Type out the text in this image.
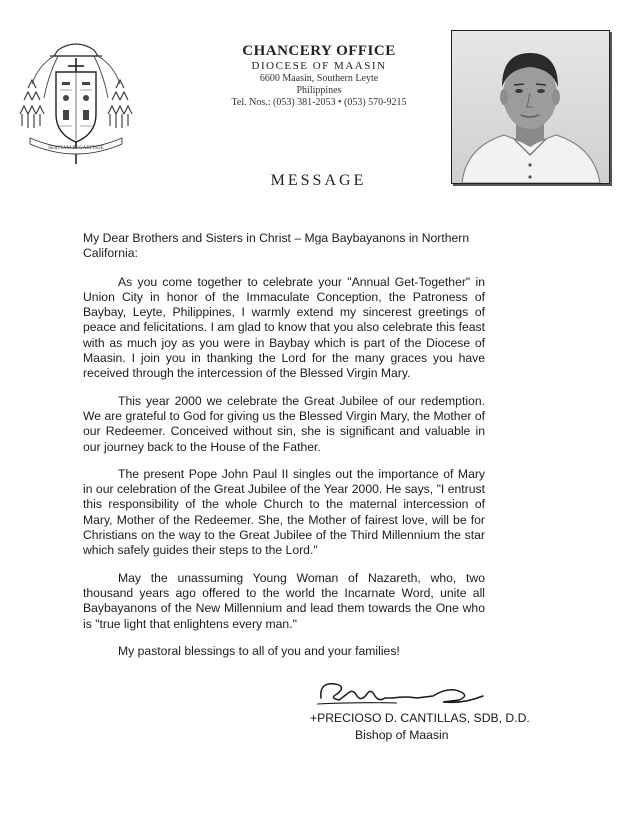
SERVIAM IN CARITATE
CHANCERY OFFICE
DIOCESE OF MAASIN
6600 Maasin, Southern Leyte
Philippines
Tel. Nos.: (053) 381-2053 • (053) 570-9215
MESSAGE

My Dear Brothers and Sisters in Christ – Mga Baybayanons in Northern California:

As you come together to celebrate your "Annual Get-Together" in Union City in honor of the Immaculate Conception, the Patroness of Baybay, Leyte, Philippines, I warmly extend my sincerest greetings of peace and felicitations. I am glad to know that you also celebrate this feast with as much joy as you were in Baybay which is part of the Diocese of Maasin. I join you in thanking the Lord for the many graces you have received through the intercession of the Blessed Virgin Mary.

This year 2000 we celebrate the Great Jubilee of our redemption. We are grateful to God for giving us the Blessed Virgin Mary, the Mother of our Redeemer. Conceived without sin, she is significant and valuable in our journey back to the House of the Father.

The present Pope John Paul II singles out the importance of Mary in our celebration of the Great Jubilee of the Year 2000. He says, "I entrust this responsibility of the whole Church to the maternal intercession of Mary, Mother of the Redeemer. She, the Mother of fairest love, will be for Christians on the way to the Great Jubilee of the Third Millennium the star which safely guides their steps to the Lord."

May the unassuming Young Woman of Nazareth, who, two thousand years ago offered to the world the Incarnate Word, unite all Baybayanons of the New Millennium and lead them towards the One who is "true light that enlightens every man."

My pastoral blessings to all of you and your families!

+PRECIOSO D. CANTILLAS, SDB, D.D.
Bishop of Maasin
